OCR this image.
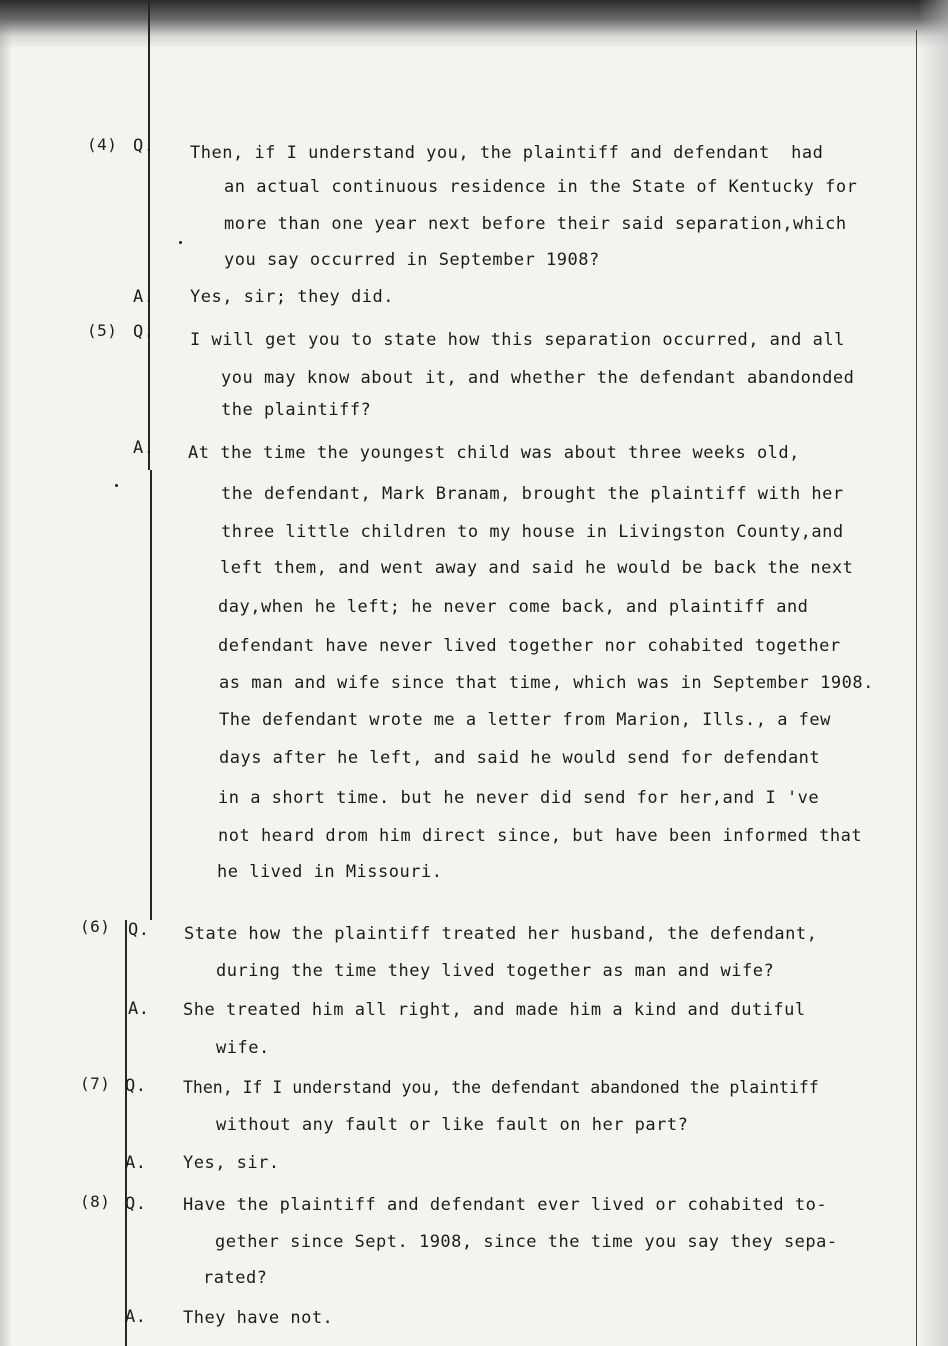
(4) Q. Then, if I understand you, the plaintiff and defendant  had
an actual continuous residence in the State of Kentucky for
more than one year next before their said separation,which
you say occurred in September 1908?
A. Yes, sir; they did.
(5) Q. I will get you to state how this separation occurred, and all
you may know about it, and whether the defendant abandonded
the plaintiff?
A. At the time the youngest child was about three weeks old,
the defendant, Mark Branam, brought the plaintiff with her
three little children to my house in Livingston County,and
left them, and went away and said he would be back the next
day,when he left; he never come back, and plaintiff and
defendant have never lived together nor cohabited together
as man and wife since that time, which was in September 1908.
The defendant wrote me a letter from Marion, Ills., a few
days after he left, and said he would send for defendant
in a short time. but he never did send for her,and I 've
not heard drom him direct since, but have been informed that
he lived in Missouri.
(6) Q. State how the plaintiff treated her husband, the defendant,
during the time they lived together as man and wife?
A. She treated him all right, and made him a kind and dutiful
wife.
(7) Q. Then, If I understand you, the defendant abandoned the plaintiff
without any fault or like fault on her part?
A. Yes, sir.
(8) Q. Have the plaintiff and defendant ever lived or cohabited to-
gether since Sept. 1908, since the time you say they sepa-
rated?
A. They have not.
